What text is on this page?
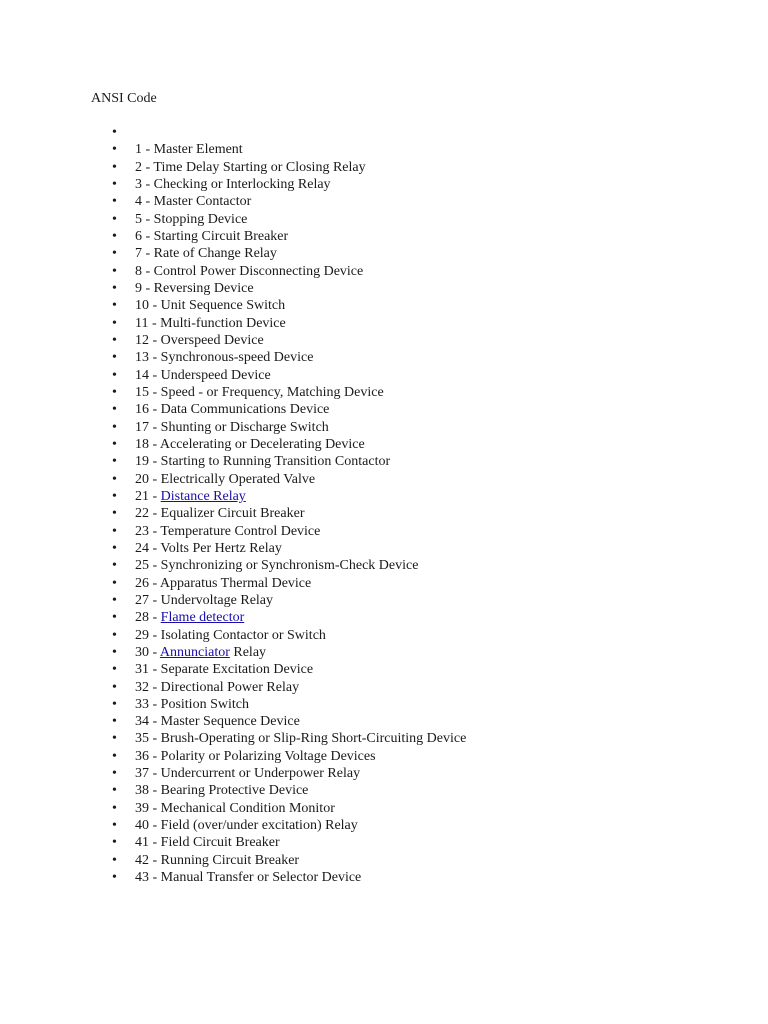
ANSI Code
•
• 1 - Master Element
• 2 - Time Delay Starting or Closing Relay
• 3 - Checking or Interlocking Relay
• 4 - Master Contactor
• 5 - Stopping Device
• 6 - Starting Circuit Breaker
• 7 - Rate of Change Relay
• 8 - Control Power Disconnecting Device
• 9 - Reversing Device
• 10 - Unit Sequence Switch
• 11 - Multi-function Device
• 12 - Overspeed Device
• 13 - Synchronous-speed Device
• 14 - Underspeed Device
• 15 - Speed - or Frequency, Matching Device
• 16 - Data Communications Device
• 17 - Shunting or Discharge Switch
• 18 - Accelerating or Decelerating Device
• 19 - Starting to Running Transition Contactor
• 20 - Electrically Operated Valve
• 21 - Distance Relay
• 22 - Equalizer Circuit Breaker
• 23 - Temperature Control Device
• 24 - Volts Per Hertz Relay
• 25 - Synchronizing or Synchronism-Check Device
• 26 - Apparatus Thermal Device
• 27 - Undervoltage Relay
• 28 - Flame detector
• 29 - Isolating Contactor or Switch
• 30 - Annunciator Relay
• 31 - Separate Excitation Device
• 32 - Directional Power Relay
• 33 - Position Switch
• 34 - Master Sequence Device
• 35 - Brush-Operating or Slip-Ring Short-Circuiting Device
• 36 - Polarity or Polarizing Voltage Devices
• 37 - Undercurrent or Underpower Relay
• 38 - Bearing Protective Device
• 39 - Mechanical Condition Monitor
• 40 - Field (over/under excitation) Relay
• 41 - Field Circuit Breaker
• 42 - Running Circuit Breaker
• 43 - Manual Transfer or Selector Device
